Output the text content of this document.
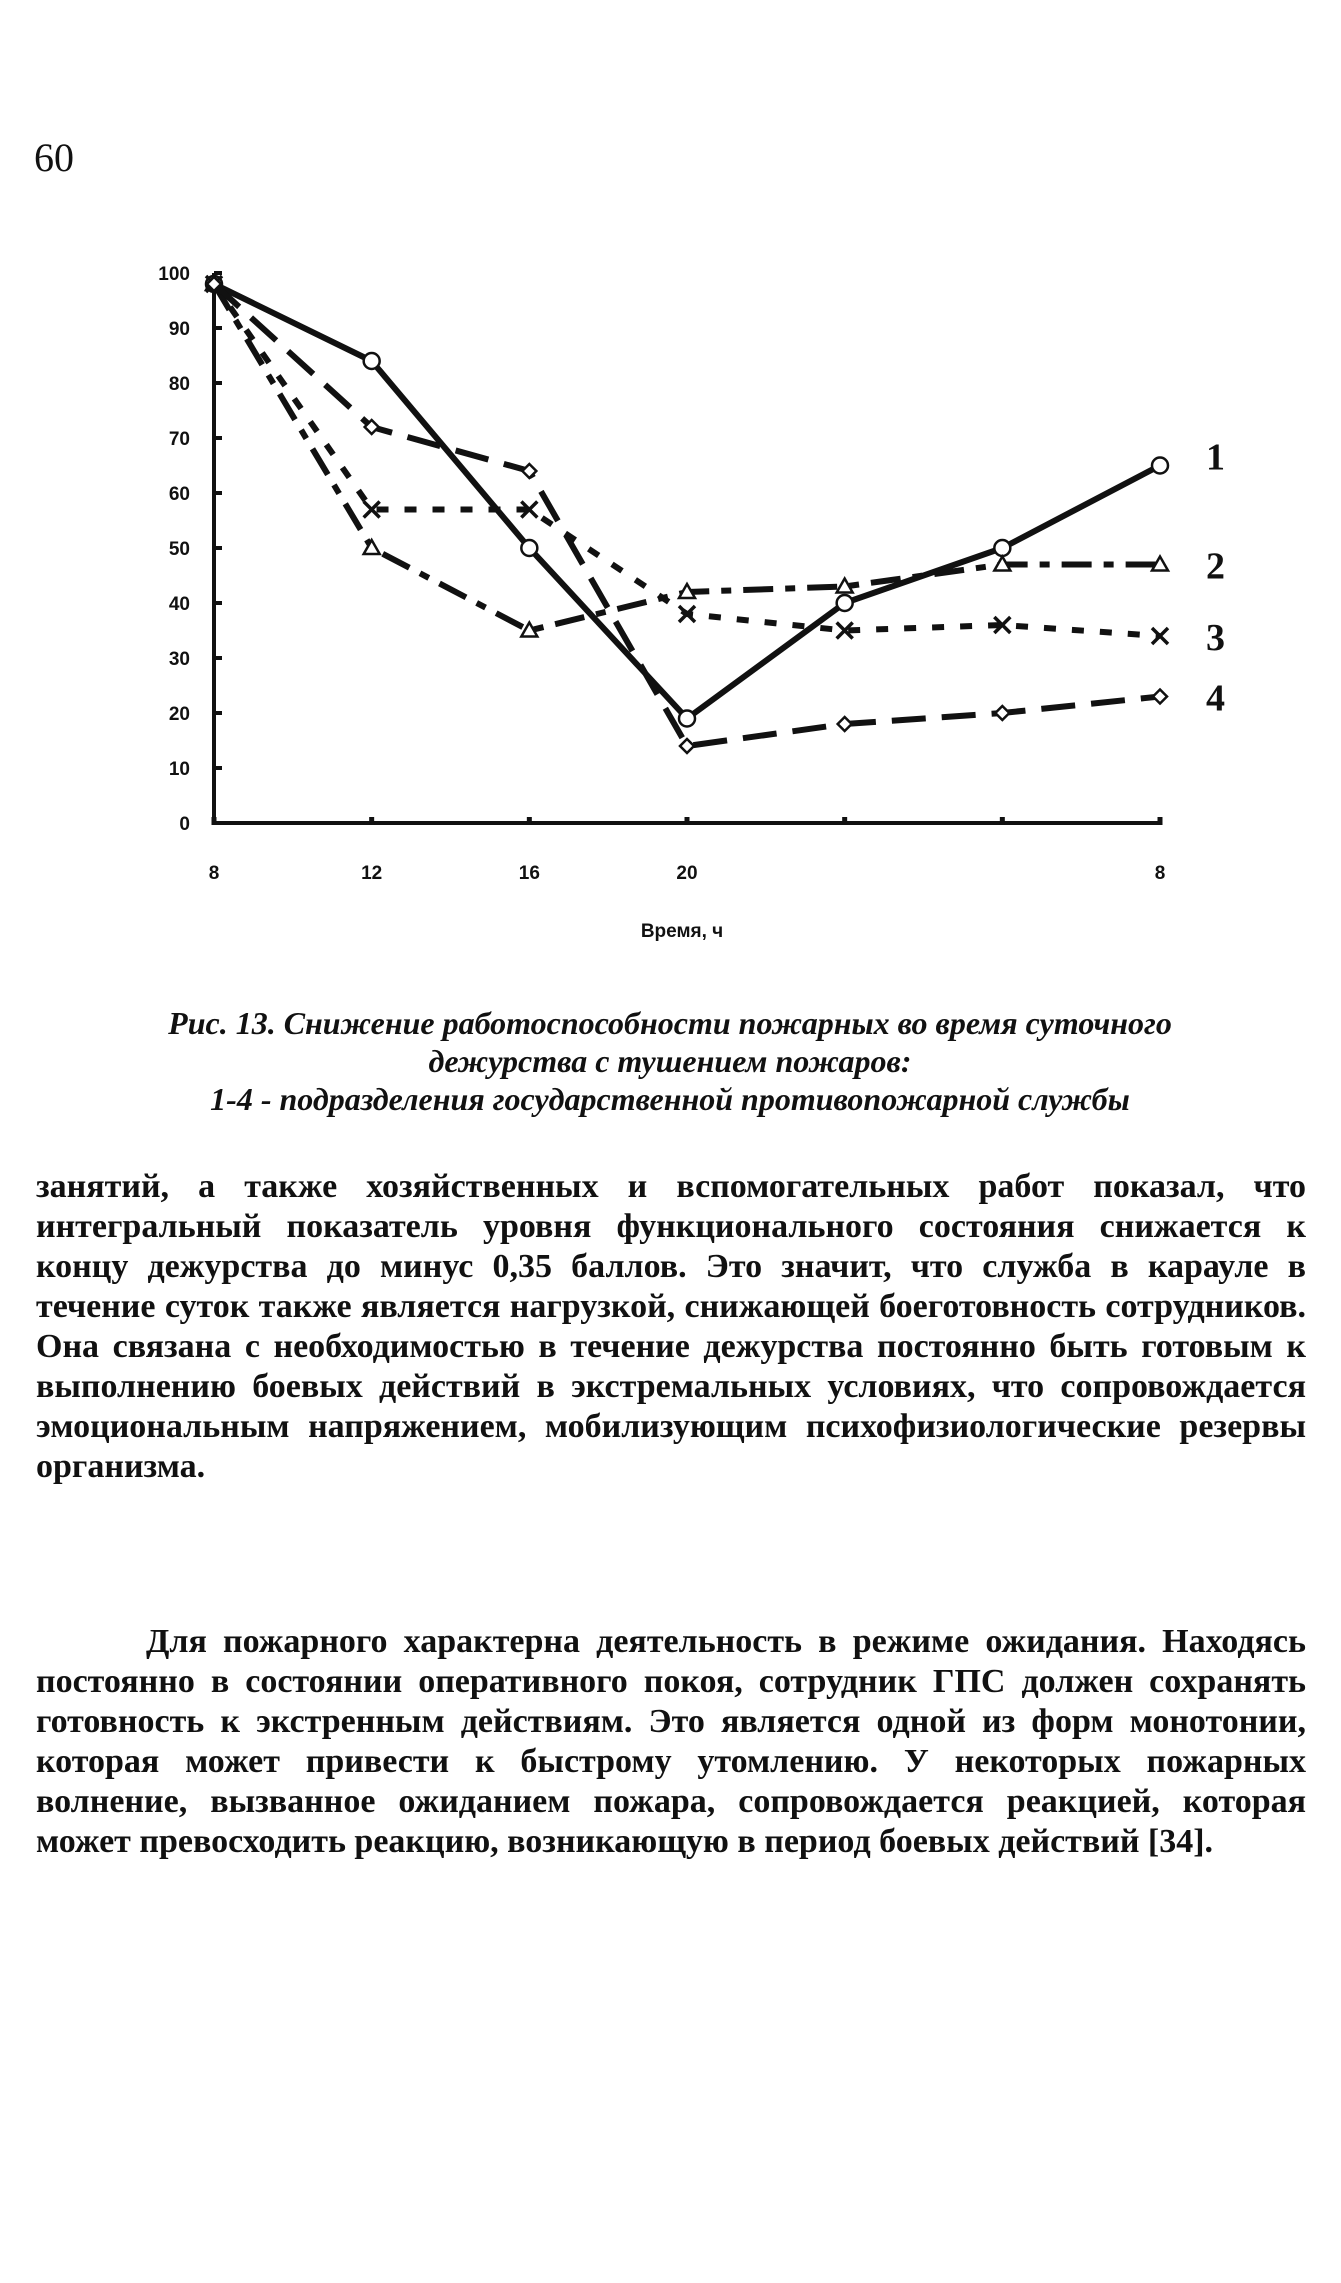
60
0
10
20
30
40
50
60
70
80
90
100
8	12	16	20	8
1
2
3
4
Время, ч
Рис. 13. Снижение работоспособности пожарных во время суточного
дежурства с тушением пожаров:
1-4 - подразделения государственной противопожарной службы

занятий, а также хозяйственных и вспомогательных работ показал, что интегральный показатель уровня функционального состояния снижается к концу дежурства до минус 0,35 баллов. Это значит, что служба в карауле в течение суток также является нагрузкой, снижающей боеготовность сотрудников. Она связана с необходимостью в течение дежурства постоянно быть готовым к выполнению боевых действий в экстремальных условиях, что сопровождается эмоциональным напряжением, мобилизующим психофизиологические резервы организма.

Для пожарного характерна деятельность в режиме ожидания. Находясь постоянно в состоянии оперативного покоя, сотрудник ГПС должен сохранять готовность к экстренным действиям. Это является одной из форм монотонии, которая может привести к быстрому утомлению. У некоторых пожарных волнение, вызванное ожиданием пожара, сопровождается реакцией, которая может превосходить реакцию, возникающую в период боевых действий [34].
